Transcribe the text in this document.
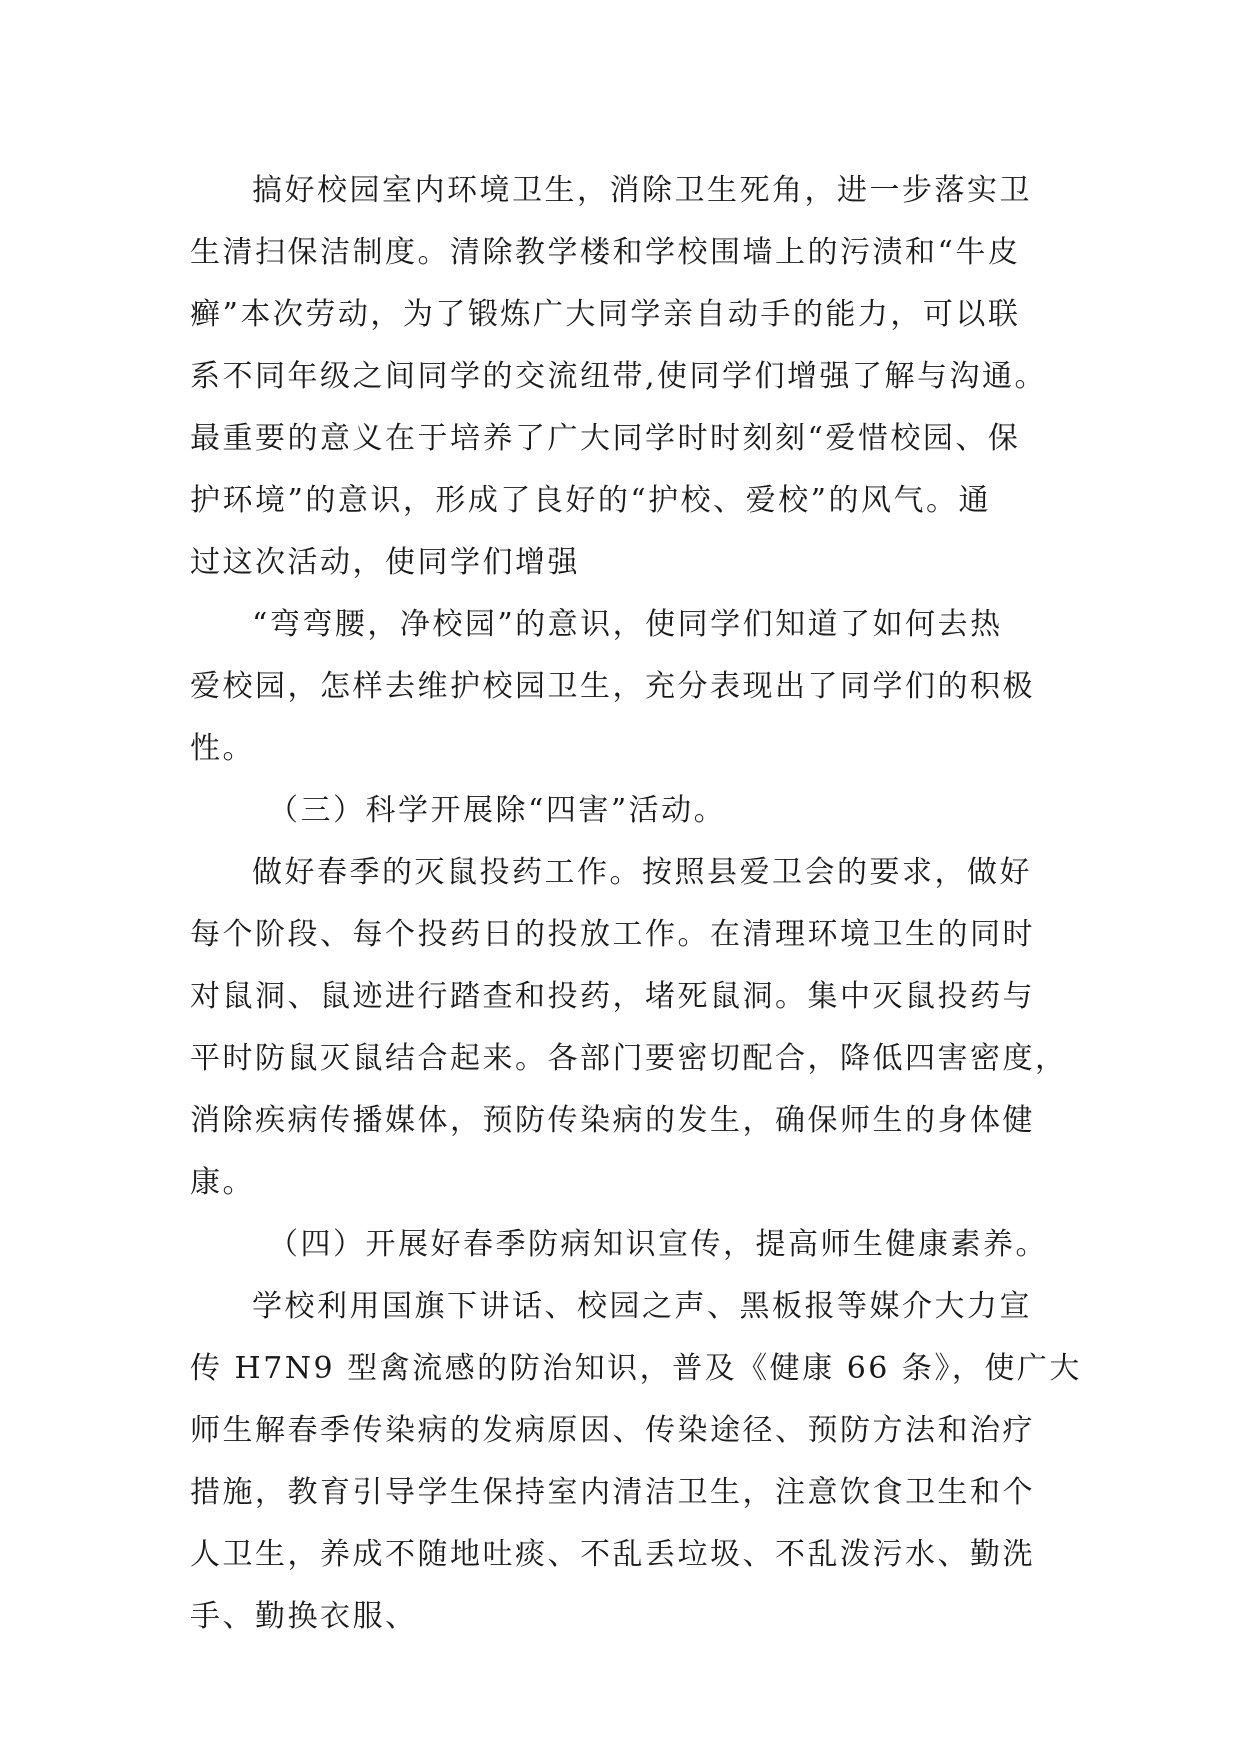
搞好校园室内环境卫生，消除卫生死角，进一步落实卫
生清扫保洁制度。清除教学楼和学校围墙上的污渍和“牛皮
癣”本次劳动，为了锻炼广大同学亲自动手的能力，可以联
系不同年级之间同学的交流纽带,使同学们增强了解与沟通。
最重要的意义在于培养了广大同学时时刻刻“爱惜校园、保
护环境”的意识，形成了良好的“护校、爱校”的风气。通
过这次活动，使同学们增强
“弯弯腰，净校园”的意识，使同学们知道了如何去热
爱校园，怎样去维护校园卫生，充分表现出了同学们的积极
性。
（三）科学开展除“四害”活动。
做好春季的灭鼠投药工作。按照县爱卫会的要求，做好
每个阶段、每个投药日的投放工作。在清理环境卫生的同时
对鼠洞、鼠迹进行踏查和投药，堵死鼠洞。集中灭鼠投药与
平时防鼠灭鼠结合起来。各部门要密切配合，降低四害密度，
消除疾病传播媒体，预防传染病的发生，确保师生的身体健
康。
（四）开展好春季防病知识宣传，提高师生健康素养。
学校利用国旗下讲话、校园之声、黑板报等媒介大力宣
传 H7N9 型禽流感的防治知识，普及《健康 66 条》，使广大
师生解春季传染病的发病原因、传染途径、预防方法和治疗
措施，教育引导学生保持室内清洁卫生，注意饮食卫生和个
人卫生，养成不随地吐痰、不乱丢垃圾、不乱泼污水、勤洗
手、勤换衣服、
